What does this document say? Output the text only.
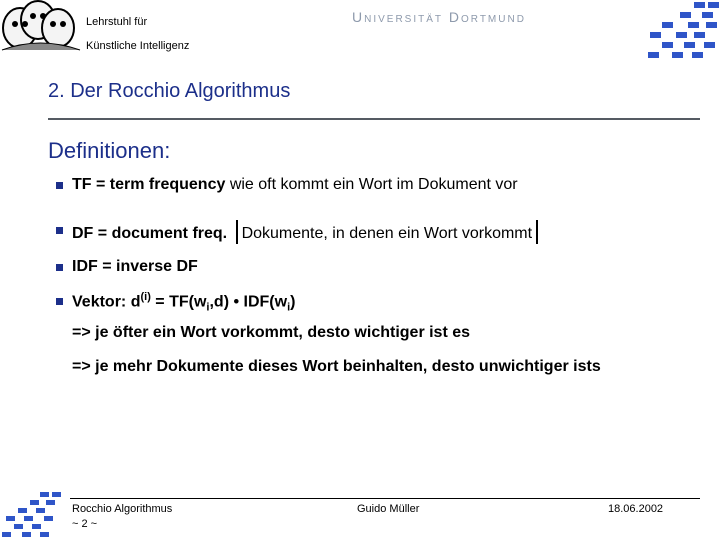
Lehrstuhl für

Künstliche Intelligenz

Universität Dortmund
2. Der Rocchio Algorithmus
Definitionen:
TF = term frequency wie oft kommt ein Wort im Dokument vor
DF = document freq. Dokumente, in denen ein Wort vorkommt
IDF = inverse DF
Vektor: $d^{(i)} = TF(w_i,d)$ • $IDF(w_i)$
=> je öfter ein Wort vorkommt, desto wichtiger ist es
=> je mehr Dokumente dieses Wort beinhalten, desto unwichtiger ists
Rocchio Algorithmus
~ 2 ~
Guido Müller	18.06.2002
